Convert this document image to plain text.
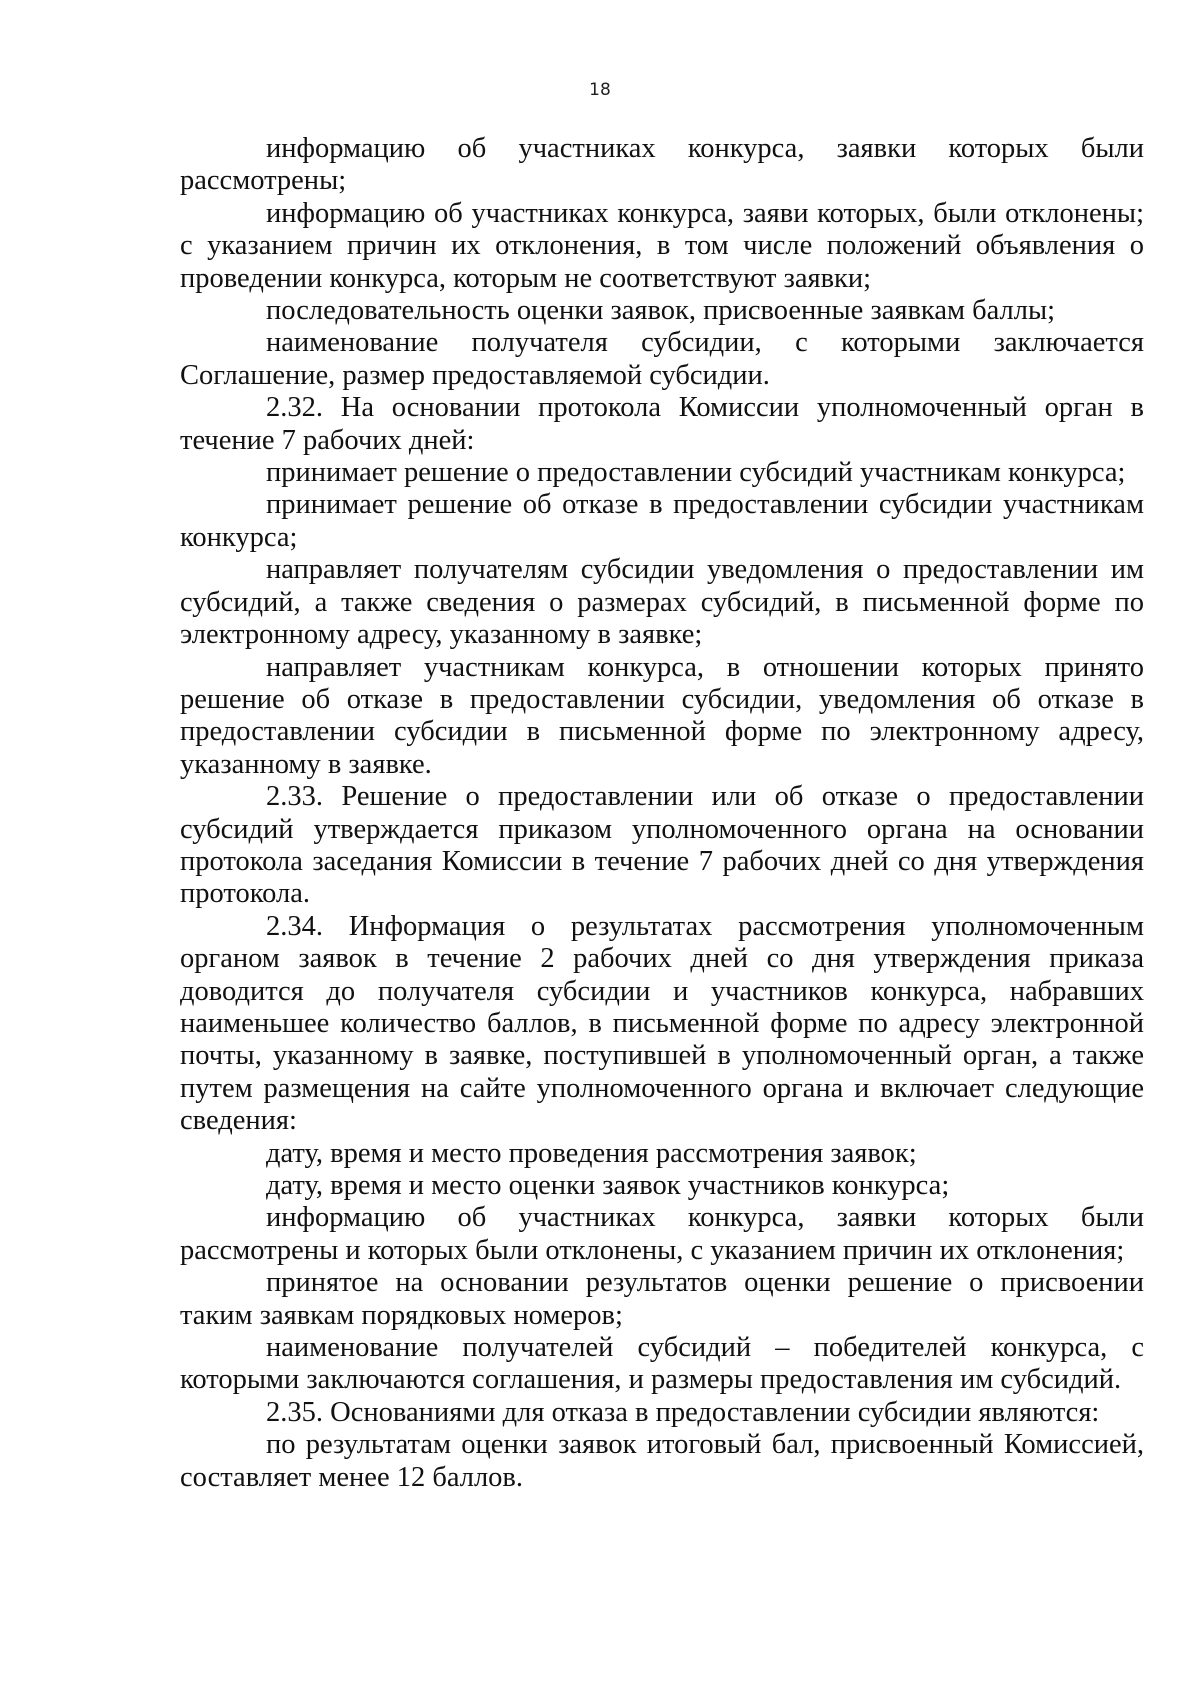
18

информацию об участниках конкурса, заявки которых были рассмотрены;

информацию об участниках конкурса, заяви которых, были отклонены; с указанием причин их отклонения, в том числе положений объявления о проведении конкурса, которым не соответствуют заявки;

последовательность оценки заявок, присвоенные заявкам баллы;

наименование получателя субсидии, с которыми заключается Соглашение, размер предоставляемой субсидии.

2.32. На основании протокола Комиссии уполномоченный орган в течение 7 рабочих дней:

принимает решение о предоставлении субсидий участникам конкурса;

принимает решение об отказе в предоставлении субсидии участникам конкурса;

направляет получателям субсидии уведомления о предоставлении им субсидий, а также сведения о размерах субсидий, в письменной форме по электронному адресу, указанному в заявке;

направляет участникам конкурса, в отношении которых принято решение об отказе в предоставлении субсидии, уведомления об отказе в предоставлении субсидии в письменной форме по электронному адресу, указанному в заявке.

2.33. Решение о предоставлении или об отказе о предоставлении субсидий утверждается приказом уполномоченного органа на основании протокола заседания Комиссии в течение 7 рабочих дней со дня утверждения протокола.

2.34. Информация о результатах рассмотрения уполномоченным органом заявок в течение 2 рабочих дней со дня утверждения приказа доводится до получателя субсидии и участников конкурса, набравших наименьшее количество баллов, в письменной форме по адресу электронной почты, указанному в заявке, поступившей в уполномоченный орган, а также путем размещения на сайте уполномоченного органа и включает следующие сведения:

дату, время и место проведения рассмотрения заявок;

дату, время и место оценки заявок участников конкурса;

информацию об участниках конкурса, заявки которых были рассмотрены и которых были отклонены, с указанием причин их отклонения;

принятое на основании результатов оценки решение о присвоении таким заявкам порядковых номеров;

наименование получателей субсидий – победителей конкурса, с которыми заключаются соглашения, и размеры предоставления им субсидий.

2.35. Основаниями для отказа в предоставлении субсидии являются:

по результатам оценки заявок итоговый бал, присвоенный Комиссией, составляет менее 12 баллов.
